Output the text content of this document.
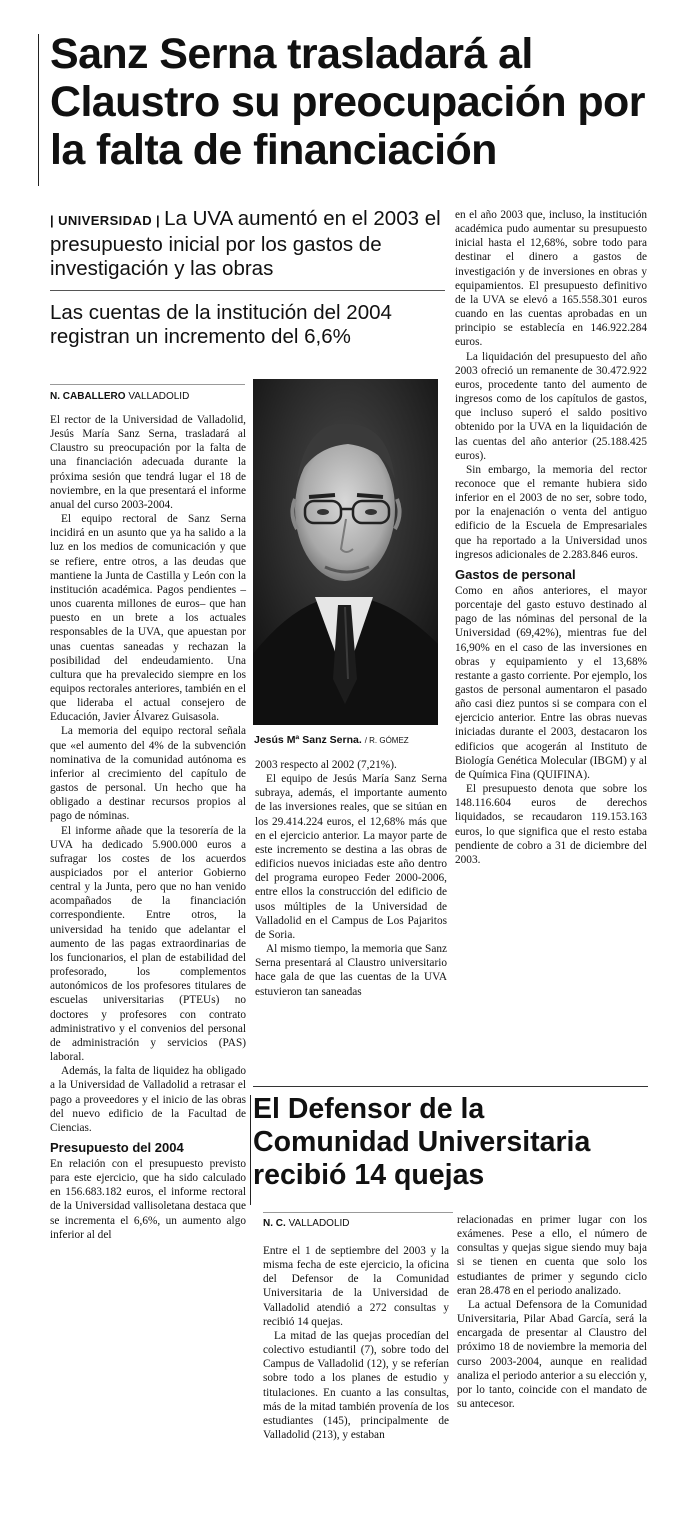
Sanz Serna trasladará al Claustro su preocupación por la falta de financiación

| UNIVERSIDAD | La UVA aumentó en el 2003 el presupuesto inicial por los gastos de investigación y las obras

Las cuentas de la institución del 2004 registran un incremento del 6,6%

N. CABALLERO VALLADOLID

El rector de la Universidad de Valladolid, Jesús María Sanz Serna, trasladará al Claustro su preocupación por la falta de una financiación adecuada durante la próxima sesión que tendrá lugar el 18 de noviembre, en la que presentará el informe anual del curso 2003-2004.

El equipo rectoral de Sanz Serna incidirá en un asunto que ya ha salido a la luz en los medios de comunicación y que se refiere, entre otros, a las deudas que mantiene la Junta de Castilla y León con la institución académica. Pagos pendientes –unos cuarenta millones de euros– que han puesto en un brete a los actuales responsables de la UVA, que apuestan por unas cuentas saneadas y rechazan la posibilidad del endeudamiento. Una cultura que ha prevalecido siempre en los equipos rectorales anteriores, también en el que lideraba el actual consejero de Educación, Javier Álvarez Guisasola.

La memoria del equipo rectoral señala que «el aumento del 4% de la subvención nominativa de la comunidad autónoma es inferior al crecimiento del capítulo de gastos de personal. Un hecho que ha obligado a destinar recursos propios al pago de nóminas.

El informe añade que la tesorería de la UVA ha dedicado 5.900.000 euros a sufragar los costes de los acuerdos auspiciados por el anterior Gobierno central y la Junta, pero que no han venido acompañados de la financiación correspondiente. Entre otros, la universidad ha tenido que adelantar el aumento de las pagas extraordinarias de los funcionarios, el plan de estabilidad del profesorado, los complementos autonómicos de los profesores titulares de escuelas universitarias (PTEUs) no doctores y profesores con contrato administrativo y el convenios del personal de administración y servicios (PAS) laboral.

Además, la falta de liquidez ha obligado a la Universidad de Valladolid a retrasar el pago a proveedores y el inicio de las obras del nuevo edificio de la Facultad de Ciencias.

Presupuesto del 2004

En relación con el presupuesto previsto para este ejercicio, que ha sido calculado en 156.683.182 euros, el informe rectoral de la Universidad vallisoletana destaca que se incrementa el 6,6%, un aumento algo inferior al del

Jesús Mª Sanz Serna. / R. GÓMEZ

2003 respecto al 2002 (7,21%).

El equipo de Jesús María Sanz Serna subraya, además, el importante aumento de las inversiones reales, que se sitúan en los 29.414.224 euros, el 12,68% más que en el ejercicio anterior. La mayor parte de este incremento se destina a las obras de edificios nuevos iniciadas este año dentro del programa europeo Feder 2000-2006, entre ellos la construcción del edificio de usos múltiples de la Universidad de Valladolid en el Campus de Los Pajaritos de Soria.

Al mismo tiempo, la memoria que Sanz Serna presentará al Claustro universitario hace gala de que las cuentas de la UVA estuvieron tan saneadas

en el año 2003 que, incluso, la institución académica pudo aumentar su presupuesto inicial hasta el 12,68%, sobre todo para destinar el dinero a gastos de investigación y de inversiones en obras y equipamientos. El presupuesto definitivo de la UVA se elevó a 165.558.301 euros cuando en las cuentas aprobadas en un principio se establecía en 146.922.284 euros.

La liquidación del presupuesto del año 2003 ofreció un remanente de 30.472.922 euros, procedente tanto del aumento de ingresos como de los capítulos de gastos, que incluso superó el saldo positivo obtenido por la UVA en la liquidación de las cuentas del año anterior (25.188.425 euros).

Sin embargo, la memoria del rector reconoce que el remante hubiera sido inferior en el 2003 de no ser, sobre todo, por la enajenación o venta del antiguo edificio de la Escuela de Empresariales que ha reportado a la Universidad unos ingresos adicionales de 2.283.846 euros.

Gastos de personal

Como en años anteriores, el mayor porcentaje del gasto estuvo destinado al pago de las nóminas del personal de la Universidad (69,42%), mientras fue del 16,90% en el caso de las inversiones en obras y equipamiento y el 13,68% restante a gasto corriente. Por ejemplo, los gastos de personal aumentaron el pasado año casi diez puntos si se compara con el ejercicio anterior. Entre las obras nuevas iniciadas durante el 2003, destacaron los edificios que acogerán al Instituto de Biología Genética Molecular (IBGM) y al de Química Fina (QUIFINA).

El presupuesto denota que sobre los 148.116.604 euros de derechos liquidados, se recaudaron 119.153.163 euros, lo que significa que el resto estaba pendiente de cobro a 31 de diciembre del 2003.

El Defensor de la Comunidad Universitaria recibió 14 quejas
N. C. VALLADOLID

Entre el 1 de septiembre del 2003 y la misma fecha de este ejercicio, la oficina del Defensor de la Comunidad Universitaria de la Universidad de Valladolid atendió a 272 consultas y recibió 14 quejas.

La mitad de las quejas procedían del colectivo estudiantil (7), sobre todo del Campus de Valladolid (12), y se referían sobre todo a los planes de estudio y titulaciones. En cuanto a las consultas, más de la mitad también provenía de los estudiantes (145), principalmente de Valladolid (213), y estaban

relacionadas en primer lugar con los exámenes. Pese a ello, el número de consultas y quejas sigue siendo muy baja si se tienen en cuenta que solo los estudiantes de primer y segundo ciclo eran 28.478 en el periodo analizado.

La actual Defensora de la Comunidad Universitaria, Pilar Abad García, será la encargada de presentar al Claustro del próximo 18 de noviembre la memoria del curso 2003-2004, aunque en realidad analiza el periodo anterior a su elección y, por lo tanto, coincide con el mandato de su antecesor.
